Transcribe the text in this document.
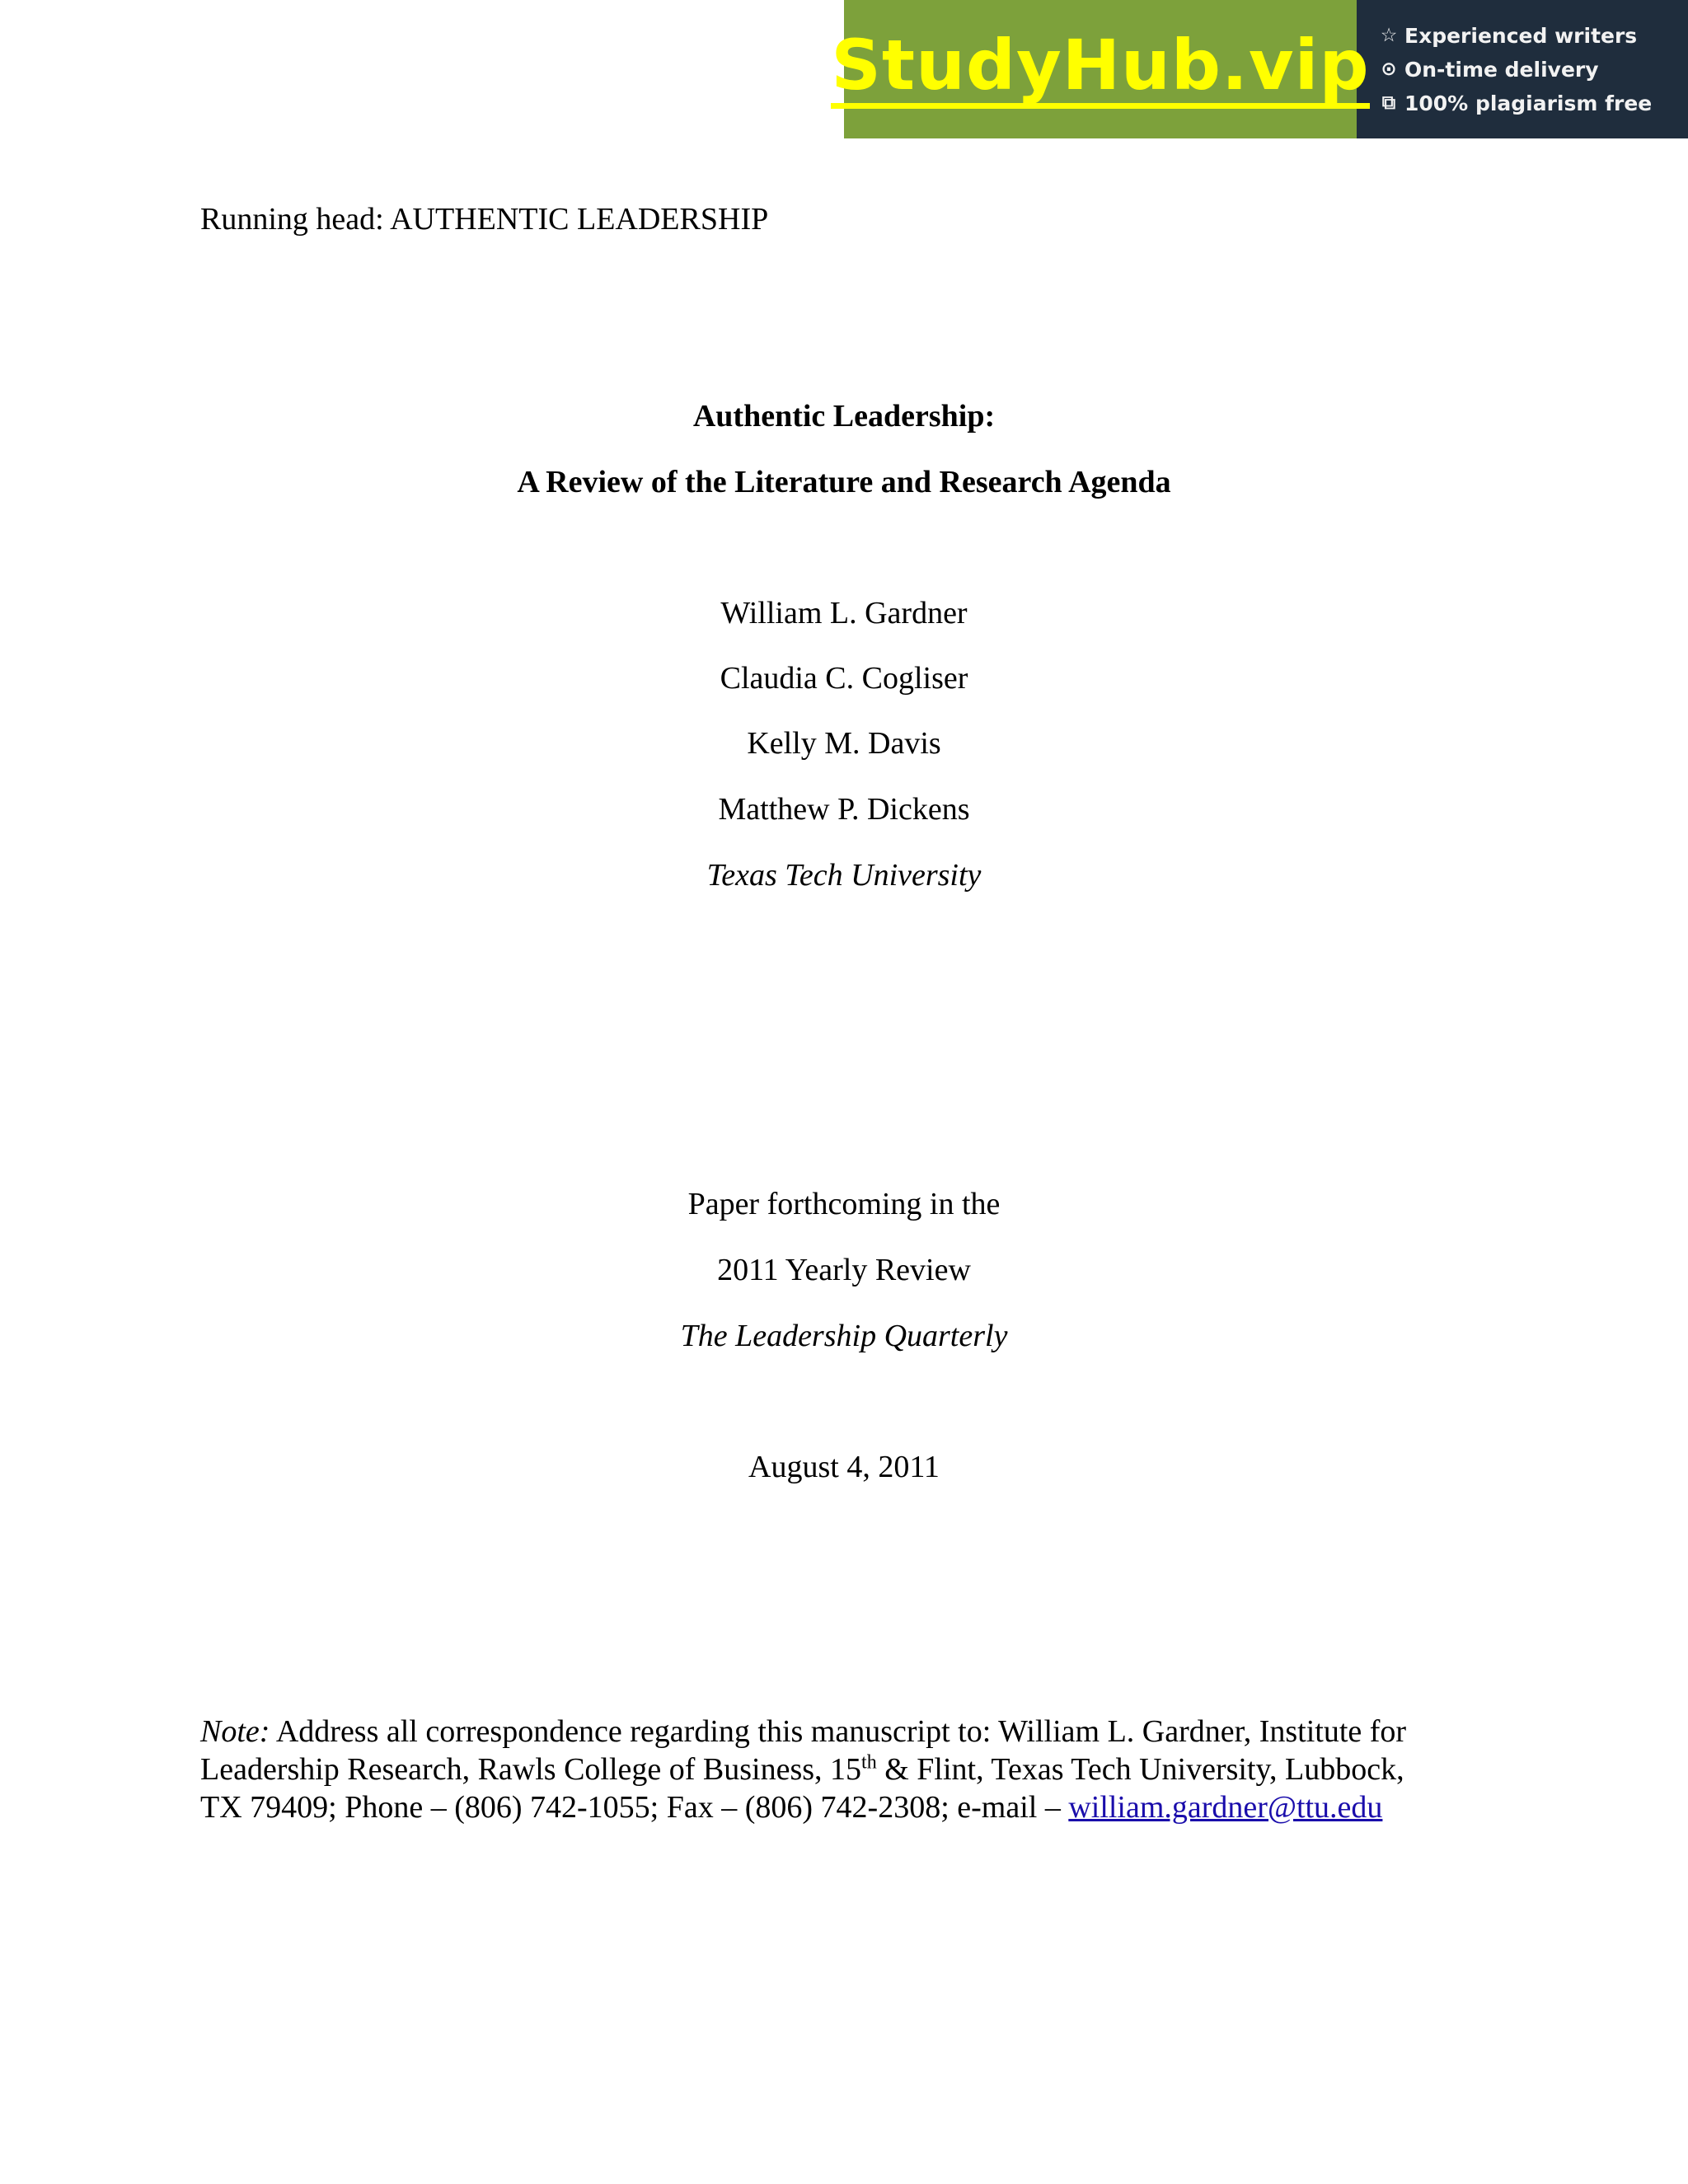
StudyHub.vip ☆ Experienced writers
⊙ On-time delivery
⧉ 100% plagiarism free
Running head: AUTHENTIC LEADERSHIP
Authentic Leadership:
A Review of the Literature and Research Agenda
William L. Gardner
Claudia C. Cogliser
Kelly M. Davis
Matthew P. Dickens
Texas Tech University
Paper forthcoming in the
2011 Yearly Review
The Leadership Quarterly
August 4, 2011
Note: Address all correspondence regarding this manuscript to: William L. Gardner, Institute for
Leadership Research, Rawls College of Business, 15th & Flint, Texas Tech University, Lubbock,
TX 79409; Phone – (806) 742-1055; Fax – (806) 742-2308; e-mail – william.gardner@ttu.edu
